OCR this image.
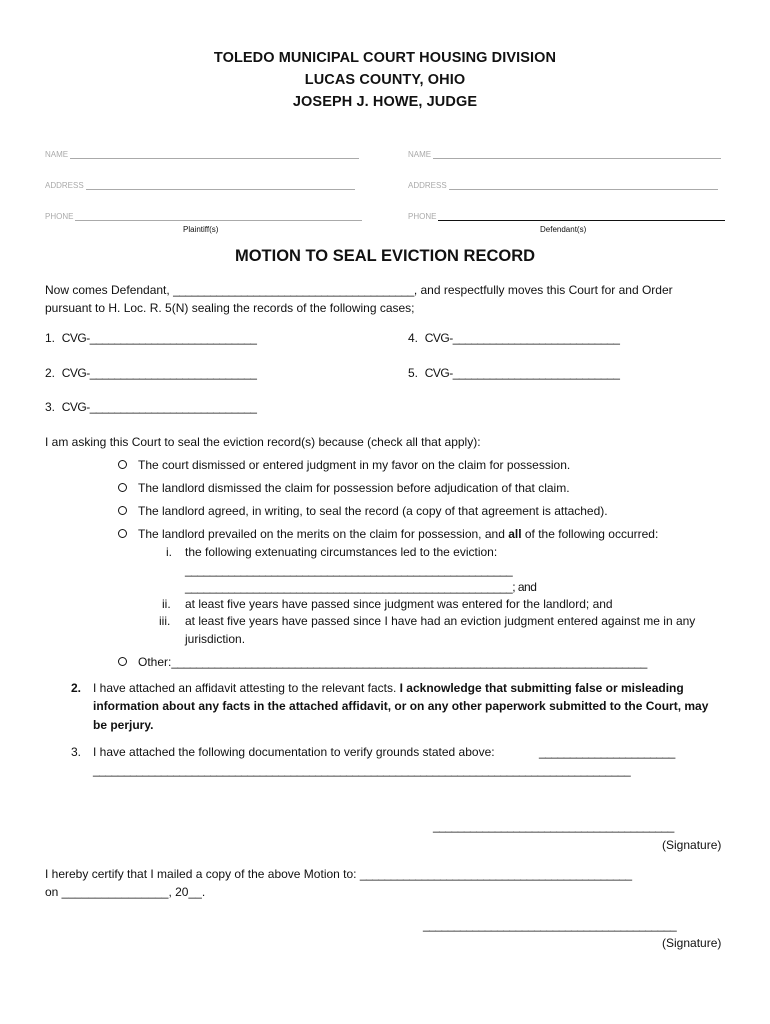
TOLEDO MUNICIPAL COURT HOUSING DIVISION
LUCAS COUNTY, OHIO
JOSEPH J. HOWE, JUDGE
NAME
ADDRESS
PHONE
Plaintiff(s)
NAME
ADDRESS
PHONE
Defendant(s)
MOTION TO SEAL EVICTION RECORD
Now comes Defendant, _______________________________________, and respectfully moves this Court for and Order
pursuant to H. Loc. R. 5(N) sealing the records of the following cases;
1. CVG-___________________________	4. CVG-___________________________
2. CVG-___________________________	5. CVG-___________________________
3. CVG-___________________________
I am asking this Court to seal the eviction record(s) because (check all that apply):
The court dismissed or entered judgment in my favor on the claim for possession.
The landlord dismissed the claim for possession before adjudication of that claim.
The landlord agreed, in writing, to seal the record (a copy of that agreement is attached).
The landlord prevailed on the merits on the claim for possession, and all of the following occurred:
i. the following extenuating circumstances led to the eviction:
_____________________________________________________
_____________________________________________________; and
ii. at least five years have passed since judgment was entered for the landlord; and
iii. at least five years have passed since I have had an eviction judgment entered against me in any
jurisdiction.
Other:_____________________________________________________________________________
2. I have attached an affidavit attesting to the relevant facts. I acknowledge that submitting false or misleading
information about any facts in the attached affidavit, or on any other paperwork submitted to the Court, may
be perjury.
3. I have attached the following documentation to verify grounds stated above:	______________________
_______________________________________________________________________________________
_______________________________________
(Signature)
I hereby certify that I mailed a copy of the above Motion to: ____________________________________________
on ________________, 20__.
_________________________________________
(Signature)
